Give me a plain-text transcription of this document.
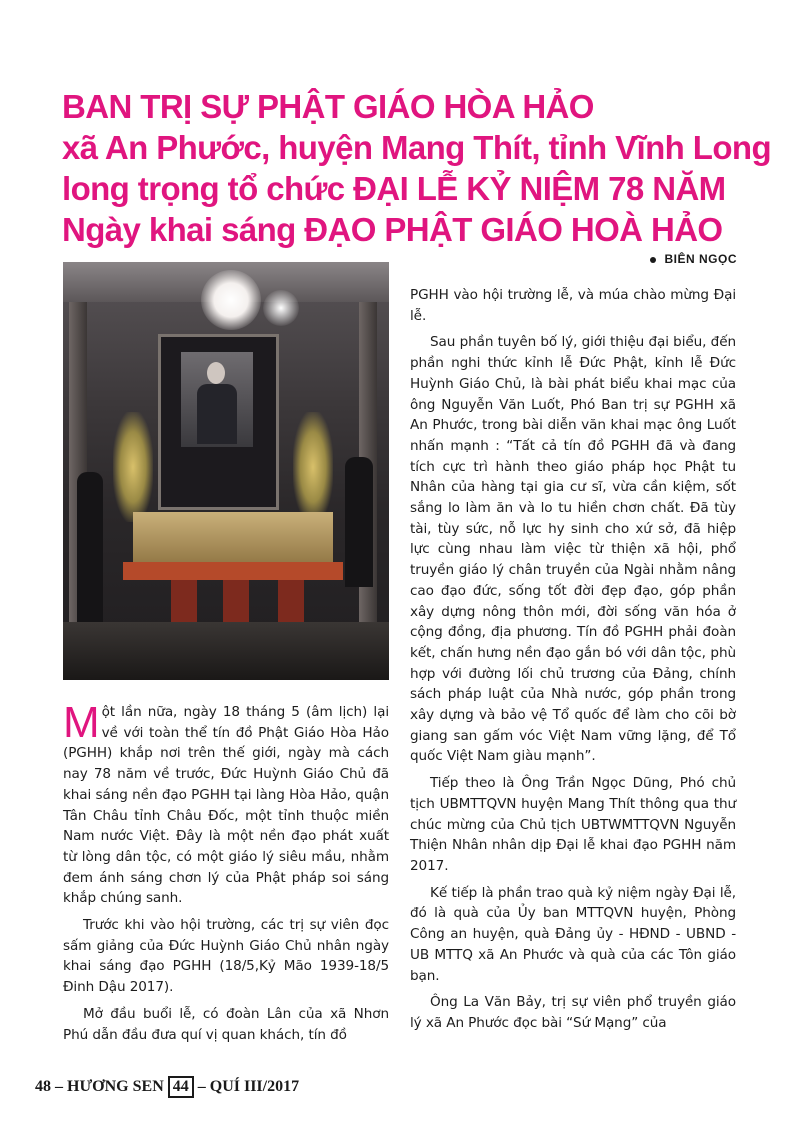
BAN TRỊ SỰ PHẬT GIÁO HÒA HẢO
xã An Phước, huyện Mang Thít, tỉnh Vĩnh Long
long trọng tổ chức ĐẠI LỄ KỶ NIỆM 78 NĂM
Ngày khai sáng ĐẠO PHẬT GIÁO HOÀ HẢO
BIÊN NGỌC

Một lần nữa, ngày 18 tháng 5 (âm lịch) lại về với toàn thể tín đồ Phật Giáo Hòa Hảo (PGHH) khắp nơi trên thế giới, ngày mà cách nay 78 năm về trước, Đức Huỳnh Giáo Chủ đã khai sáng nền đạo PGHH tại làng Hòa Hảo, quận Tân Châu tỉnh Châu Đốc, một tỉnh thuộc miền Nam nước Việt. Đây là một nền đạo phát xuất từ lòng dân tộc, có một giáo lý siêu mầu, nhằm đem ánh sáng chơn lý của Phật pháp soi sáng khắp chúng sanh.

Trước khi vào hội trường, các trị sự viên đọc sấm giảng của Đức Huỳnh Giáo Chủ nhân ngày khai sáng đạo PGHH (18/5,Kỷ Mão 1939-18/5 Đinh Dậu 2017).

Mở đầu buổi lễ, có đoàn Lân của xã Nhơn Phú dẫn đầu đưa quí vị quan khách, tín đồ

PGHH vào hội trường lễ, và múa chào mừng Đại lễ.

Sau phần tuyên bố lý, giới thiệu đại biểu, đến phần nghi thức kỉnh lễ Đức Phật, kỉnh lễ Đức Huỳnh Giáo Chủ, là bài phát biểu khai mạc của ông Nguyễn Văn Luốt, Phó Ban trị sự PGHH xã An Phước, trong bài diễn văn khai mạc ông Luốt nhấn mạnh : “Tất cả tín đồ PGHH đã và đang tích cực trì hành theo giáo pháp học Phật tu Nhân của hàng tại gia cư sĩ, vừa cần kiệm, sốt sắng lo làm ăn và lo tu hiền chơn chất. Đã tùy tài, tùy sức, nỗ lực hy sinh cho xứ sở, đã hiệp lực cùng nhau làm việc từ thiện xã hội, phổ truyền giáo lý chân truyền của Ngài nhằm nâng cao đạo đức, sống tốt đời đẹp đạo, góp phần xây dựng nông thôn mới, đời sống văn hóa ở cộng đồng, địa phương. Tín đồ PGHH phải đoàn kết, chấn hưng nền đạo gắn bó với dân tộc, phù hợp với đường lối chủ trương của Đảng, chính sách pháp luật của Nhà nước, góp phần trong xây dựng và bảo vệ Tổ quốc để làm cho cõi bờ giang san gấm vóc Việt Nam vững lặng, để Tổ quốc Việt Nam giàu mạnh”.

Tiếp theo là Ông Trần Ngọc Dũng, Phó chủ tịch UBMTTQVN huyện Mang Thít thông qua thư chúc mừng của Chủ tịch UBTWMTTQVN Nguyễn Thiện Nhân nhân dịp Đại lễ khai đạo PGHH năm 2017.

Kế tiếp là phần trao quà kỷ niệm ngày Đại lễ, đó là quà của Ủy ban MTTQVN huyện, Phòng Công an huyện, quà Đảng ủy - HĐND - UBND - UB MTTQ xã An Phước và quà của các Tôn giáo bạn.

Ông La Văn Bảy, trị sự viên phổ truyền giáo lý xã An Phước đọc bài “Sứ Mạng” của

48 – HƯƠNG SEN 44 – QUÍ III/2017
